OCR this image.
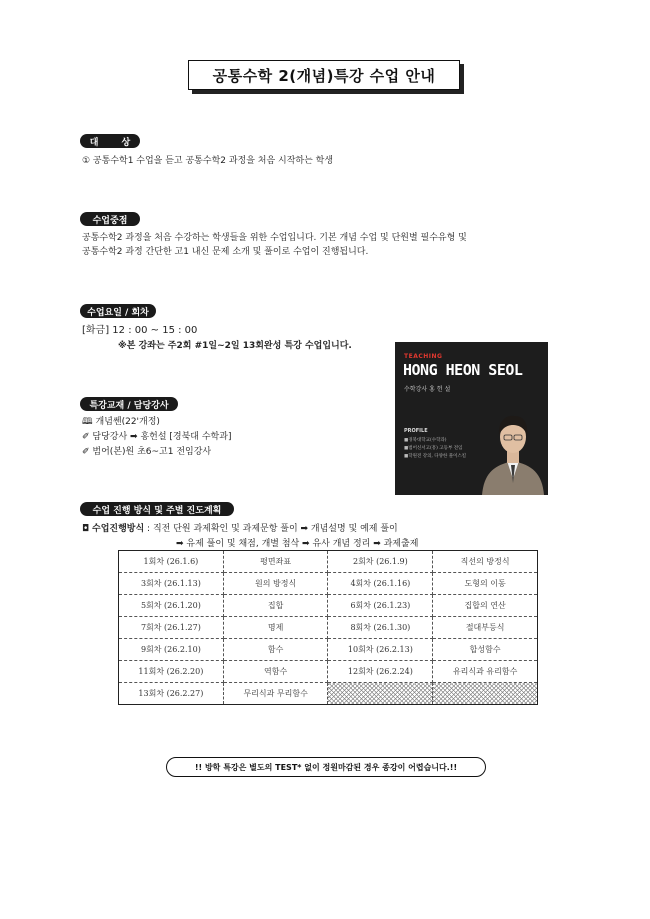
공통수학 2(개념)특강 수업 안내
대 상
① 공통수학1 수업을 듣고 공통수학2 과정을 처음 시작하는 학생
수업중점
공통수학2 과정을 처음 수강하는 학생들을 위한 수업입니다. 기본 개념 수업 및 단원별 필수유형 및
공통수학2 과정 간단한 고1 내신 문제 소개 및 풀이로 수업이 진행됩니다.
수업요일 / 회차
[화금] 12 : 00 ~ 15 : 00
※본 강좌는 주2회 #1일~2일 13회완성 특강 수업입니다.
특강교재 / 담당강사
🕮 개념쎈(22'개정)
✐ 담당강사 ➡ 홍헌설 [경북대 수학과]
✐ 범어(본)원 초6~고1 전임강사
TEACHING
HONG HEON SEOL
수학강사 홍 헌 설
PROFILE
■경북대학교(수학과)
■범어신서고(흥) 고등부 전임
■학원전 강의, 다양한 풀이스킬
수업 진행 방식 및 주별 진도계획
◘ 수업진행방식 : 직전 단원 과제확인 및 과제문항 풀이 ➡ 개념설명 및 예제 풀이
➡ 유제 풀이 및 채점, 개별 첨삭 ➡ 유사 개념 정리 ➡ 과제출제
1회차 (26.1.6)	평면좌표	2회차 (26.1.9)	직선의 방정식
3회차 (26.1.13)	원의 방정식	4회차 (26.1.16)	도형의 이동
5회차 (26.1.20)	집합	6회차 (26.1.23)	집합의 연산
7회차 (26.1.27)	명제	8회차 (26.1.30)	절대부등식
9회차 (26.2.10)	함수	10회차 (26.2.13)	합성함수
11회차 (26.2.20)	역함수	12회차 (26.2.24)	유리식과 유리함수
13회차 (26.2.27)	무리식과 무리함수		
!! 방학 특강은 별도의 TEST* 없이 정원마감된 경우 종강이 어렵습니다.!!
